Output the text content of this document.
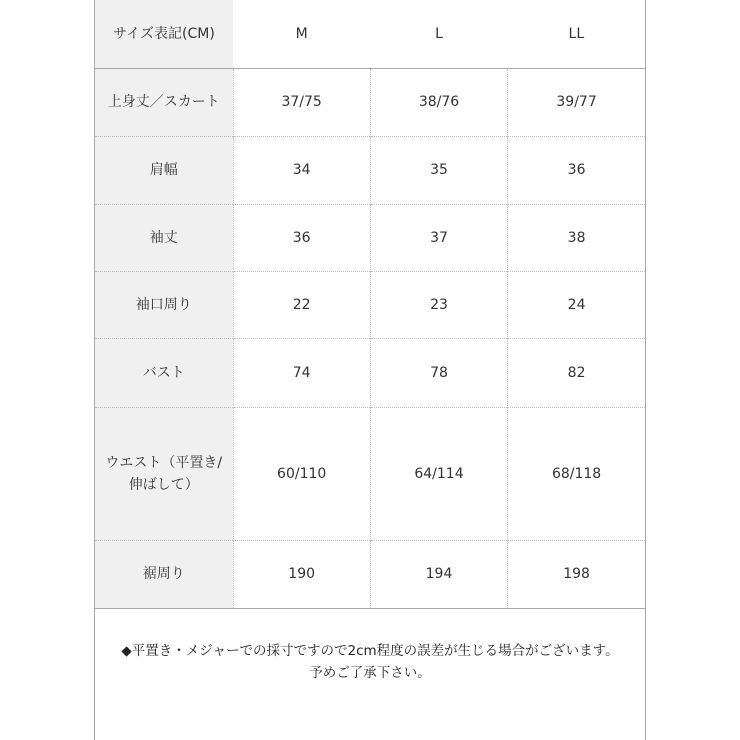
サイズ表記(CM)	M	L	LL
上身丈／スカート	37/75	38/76	39/77
肩幅	34	35	36
袖丈	36	37	38
袖口周り	22	23	24
バスト	74	78	82

ウエスト（平置き/
伸ばして）	60/110	64/114	68/118
裾周り	190	194	198
◆平置き・メジャーでの採寸ですので2cm程度の誤差が生じる場合がございます。
予めご了承下さい。
